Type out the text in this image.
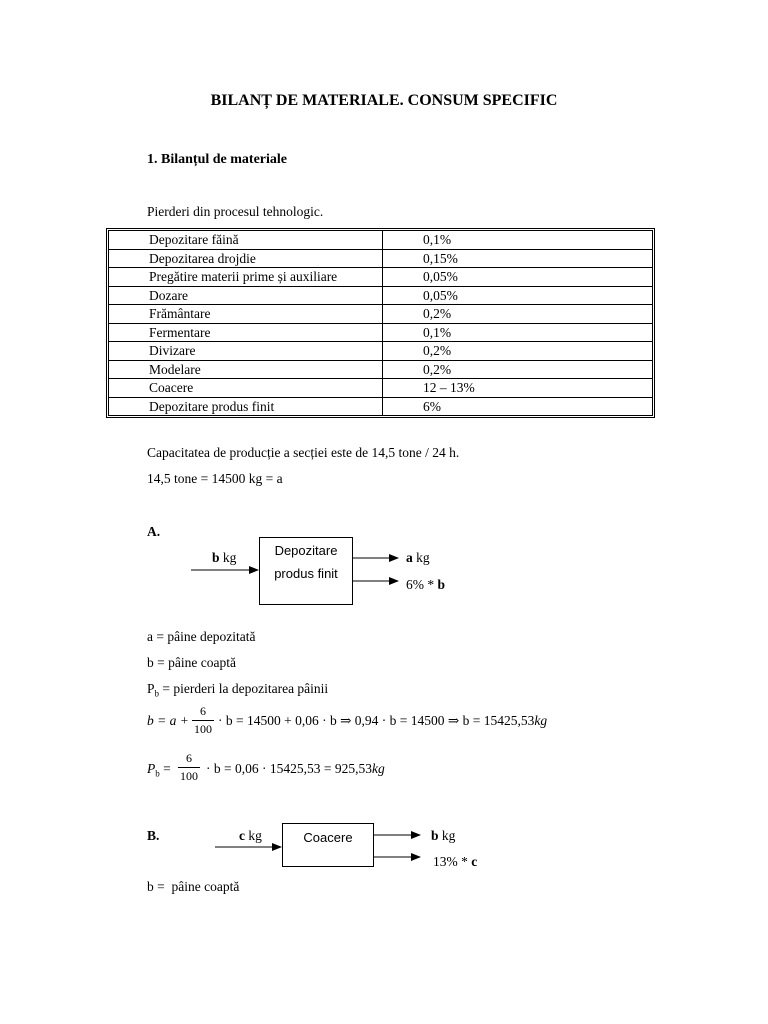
BILANȚ DE MATERIALE. CONSUM SPECIFIC
1. Bilanțul de materiale
Pierderi din procesul tehnologic.
Depozitare făină	0,1%
Depozitarea drojdie	0,15%
Pregătire materii prime și auxiliare	0,05%
Dozare	0,05%
Frământare	0,2%
Fermentare	0,1%
Divizare	0,2%
Modelare	0,2%
Coacere	12 – 13%
Depozitare produs finit	6%
Capacitatea de producție a secției este de 14,5 tone / 24 h.
14,5 tone = 14500 kg = a
A.
b kg	Depozitare
produs finit
a kg
6% * b
a = pâine depozitată
b = pâine coaptă
$P_b$ = pierderi la depozitarea pâinii
b = a +
6
100
· b = 14500 + 0,06 · b ⇒ 0,94 · b = 14500 ⇒ b = 15425,53kg
$P_b$ =
6
100 · b = 0,06 · 15425,53 = 925,53kg
B.	c kg	Coacere	b kg
13% * c
b =  pâine coaptă
